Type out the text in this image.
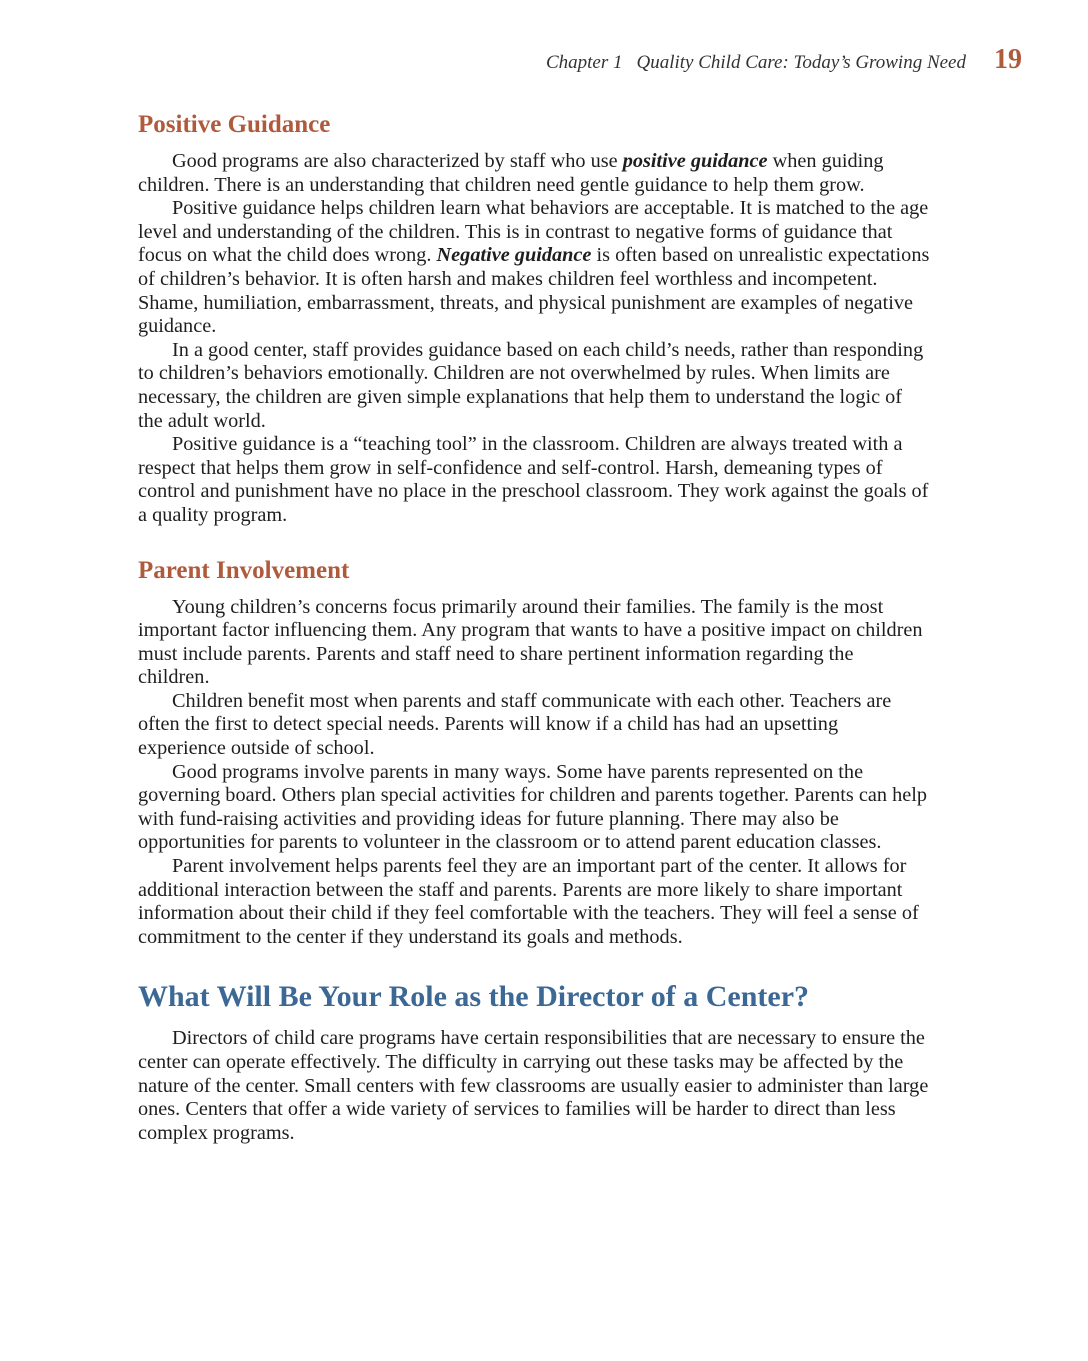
Chapter 1 Quality Child Care: Today’s Growing Need 19
Positive Guidance

Good programs are also characterized by staff who use positive guidance when guiding children. There is an understanding that children need gentle guidance to help them grow.

Positive guidance helps children learn what behaviors are acceptable. It is matched to the age level and understanding of the children. This is in contrast to negative forms of guidance that focus on what the child does wrong. Negative guidance is often based on unrealistic expectations of children’s behavior. It is often harsh and makes children feel worthless and incompetent. Shame, humiliation, embarrassment, threats, and physical punishment are examples of negative guidance.

In a good center, staff provides guidance based on each child’s needs, rather than responding to children’s behaviors emotionally. Children are not overwhelmed by rules. When limits are necessary, the children are given simple explanations that help them to understand the logic of the adult world.

Positive guidance is a “teaching tool” in the classroom. Children are always treated with a respect that helps them grow in self-confidence and self-control. Harsh, demeaning types of control and punishment have no place in the preschool classroom. They work against the goals of a quality program.

Parent Involvement

Young children’s concerns focus primarily around their families. The family is the most important factor influencing them. Any program that wants to have a positive impact on children must include parents. Parents and staff need to share pertinent information regarding the children.

Children benefit most when parents and staff communicate with each other. Teachers are often the first to detect special needs. Parents will know if a child has had an upsetting experience outside of school.

Good programs involve parents in many ways. Some have parents represented on the governing board. Others plan special activities for children and parents together. Parents can help with fund-raising activities and providing ideas for future planning. There may also be opportunities for parents to volunteer in the classroom or to attend parent education classes.

Parent involvement helps parents feel they are an important part of the center. It allows for additional interaction between the staff and parents. Parents are more likely to share important information about their child if they feel comfortable with the teachers. They will feel a sense of commitment to the center if they understand its goals and methods.

What Will Be Your Role as the Director of a Center?

Directors of child care programs have certain responsibilities that are necessary to ensure the center can operate effectively. The difficulty in carrying out these tasks may be affected by the nature of the center. Small centers with few classrooms are usually easier to administer than large ones. Centers that offer a wide variety of services to families will be harder to direct than less complex programs.
